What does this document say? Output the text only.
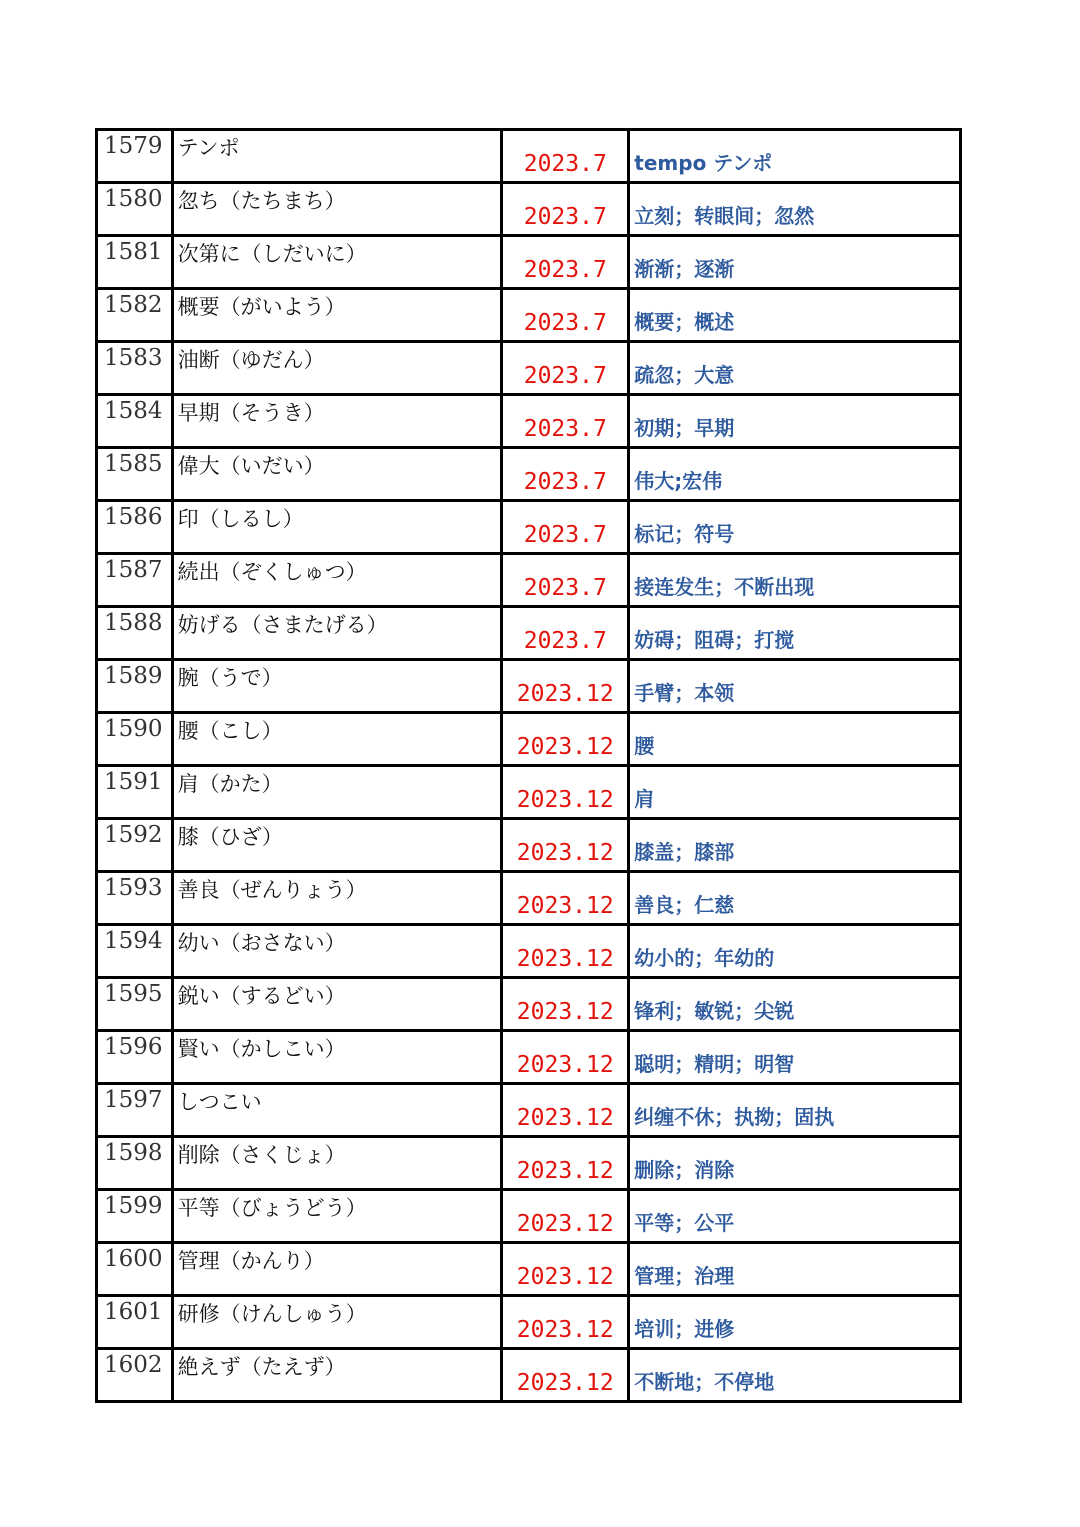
1579	テンポ	2023.7	tempo テンポ
1580	忽ち（たちまち）	2023.7	立刻；转眼间；忽然
1581	次第に（しだいに）	2023.7	渐渐；逐渐
1582	概要（がいよう）	2023.7	概要；概述
1583	油断（ゆだん）	2023.7	疏忽；大意
1584	早期（そうき）	2023.7	初期；早期
1585	偉大（いだい）	2023.7	伟大;宏伟
1586	印（しるし）	2023.7	标记；符号
1587	続出（ぞくしゅつ）	2023.7	接连发生；不断出现
1588	妨げる（さまたげる）	2023.7	妨碍；阻碍；打搅
1589	腕（うで）	2023.12	手臂；本领
1590	腰（こし）	2023.12	腰
1591	肩（かた）	2023.12	肩
1592	膝（ひざ）	2023.12	膝盖；膝部
1593	善良（ぜんりょう）	2023.12	善良；仁慈
1594	幼い（おさない）	2023.12	幼小的；年幼的
1595	鋭い（するどい）	2023.12	锋利；敏锐；尖锐
1596	賢い（かしこい）	2023.12	聪明；精明；明智
1597	しつこい	2023.12	纠缠不休；执拗；固执
1598	削除（さくじょ）	2023.12	删除；消除
1599	平等（びょうどう）	2023.12	平等；公平
1600	管理（かんり）	2023.12	管理；治理
1601	研修（けんしゅう）	2023.12	培训；进修
1602	絶えず（たえず）	2023.12	不断地；不停地
